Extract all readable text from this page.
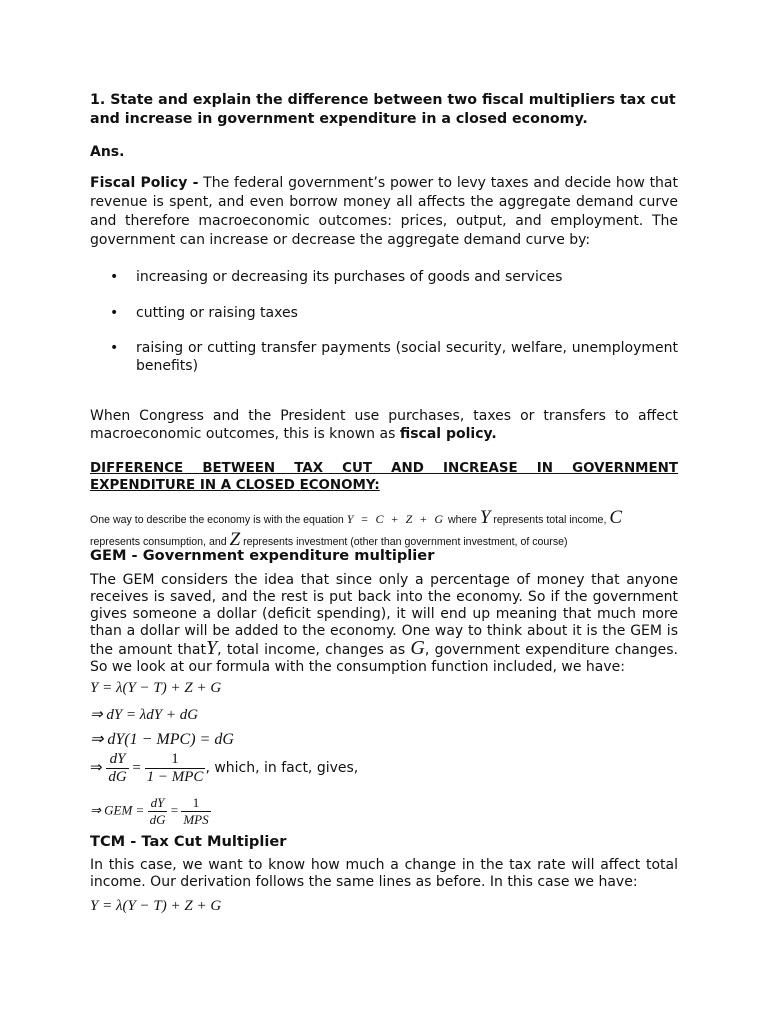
1. State and explain the difference between two fiscal multipliers tax cut and increase in government expenditure in a closed economy.
Ans.
Fiscal Policy - The federal government’s power to levy taxes and decide how that revenue is spent, and even borrow money all affects the aggregate demand curve and therefore macroeconomic outcomes: prices, output, and employment. The government can increase or decrease the aggregate demand curve by:
• increasing or decreasing its purchases of goods and services
• cutting or raising taxes
• raising or cutting transfer payments (social security, welfare, unemployment benefits)
When Congress and the President use purchases, taxes or transfers to affect macroeconomic outcomes, this is known as fiscal policy.
DIFFERENCE BETWEEN TAX CUT AND INCREASE IN GOVERNMENT
EXPENDITURE IN A CLOSED ECONOMY:
One way to describe the economy is with the equation Y = C + Z + G where Y represents total income, C
represents consumption, and Z represents investment (other than government investment, of course)
GEM - Government expenditure multiplier
The GEM considers the idea that since only a percentage of money that anyone receives is saved, and the rest is put back into the economy. So if the government gives someone a dollar (deficit spending), it will end up meaning that much more than a dollar will be added to the economy. One way to think about it is the GEM is the amount thatY, total income, changes as G, government expenditure changes. So we look at our formula with the consumption function included, we have:
Y = λ(Y − T) + Z + G
⇒ dY = λdY + dG
⇒ dY(1 − MPC) = dG
⇒ $\frac{dY}{dG} = \frac{1}{\text{1 − MPC}}$ , which, in fact, gives,
⇒ GEM = $\frac{dY}{dG} = \frac{1}{\text{MPS}}$
TCM - Tax Cut Multiplier
In this case, we want to know how much a change in the tax rate will affect total income. Our derivation follows the same lines as before. In this case we have:
Y = λ(Y − T) + Z + G
